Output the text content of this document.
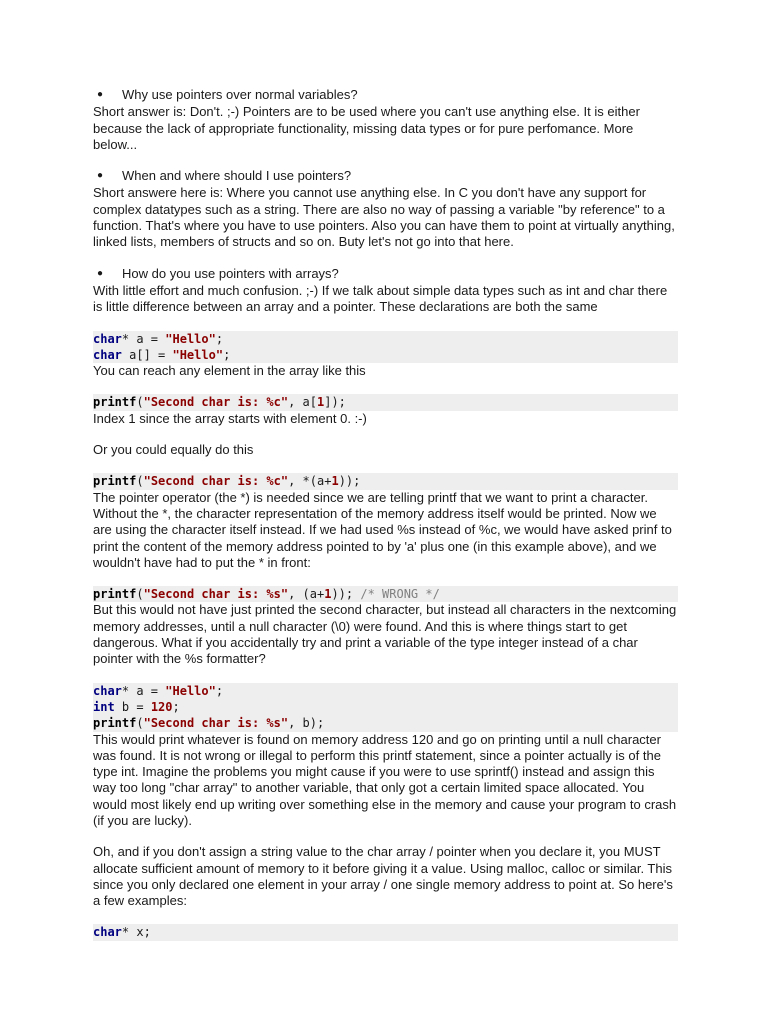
● Why use pointers over normal variables?

Short answer is: Don't. ;-) Pointers are to be used where you can't use anything else. It is either because the lack of appropriate functionality, missing data types or for pure perfomance. More below...

● When and where should I use pointers?

Short answere here is: Where you cannot use anything else. In C you don't have any support for complex datatypes such as a string. There are also no way of passing a variable "by reference" to a function. That's where you have to use pointers. Also you can have them to point at virtually anything, linked lists, members of structs and so on. Buty let's not go into that here.

● How do you use pointers with arrays?

With little effort and much confusion. ;-) If we talk about simple data types such as int and char there is little difference between an array and a pointer. These declarations are both the same

char* a = "Hello";
char a[] = "Hello";

You can reach any element in the array like this

printf("Second char is: %c", a[1]);

Index 1 since the array starts with element 0. :-)

Or you could equally do this

printf("Second char is: %c", *(a+1));

The pointer operator (the *) is needed since we are telling printf that we want to print a character. Without the *, the character representation of the memory address itself would be printed. Now we are using the character itself instead. If we had used %s instead of %c, we would have asked prinf to print the content of the memory address pointed to by 'a' plus one (in this example above), and we wouldn't have had to put the * in front:

printf("Second char is: %s", (a+1)); /* WRONG */

But this would not have just printed the second character, but instead all characters in the nextcoming memory addresses, until a null character (\0) were found. And this is where things start to get dangerous. What if you accidentally try and print a variable of the type integer instead of a char pointer with the %s formatter?

char* a = "Hello";
int b = 120;
printf("Second char is: %s", b);

This would print whatever is found on memory address 120 and go on printing until a null character was found. It is not wrong or illegal to perform this printf statement, since a pointer actually is of the type int. Imagine the problems you might cause if you were to use sprintf() instead and assign this way too long "char array" to another variable, that only got a certain limited space allocated. You would most likely end up writing over something else in the memory and cause your program to crash (if you are lucky).

Oh, and if you don't assign a string value to the char array / pointer when you declare it, you MUST allocate sufficient amount of memory to it before giving it a value. Using malloc, calloc or similar. This since you only declared one element in your array / one single memory address to point at. So here's a few examples:

char* x;
